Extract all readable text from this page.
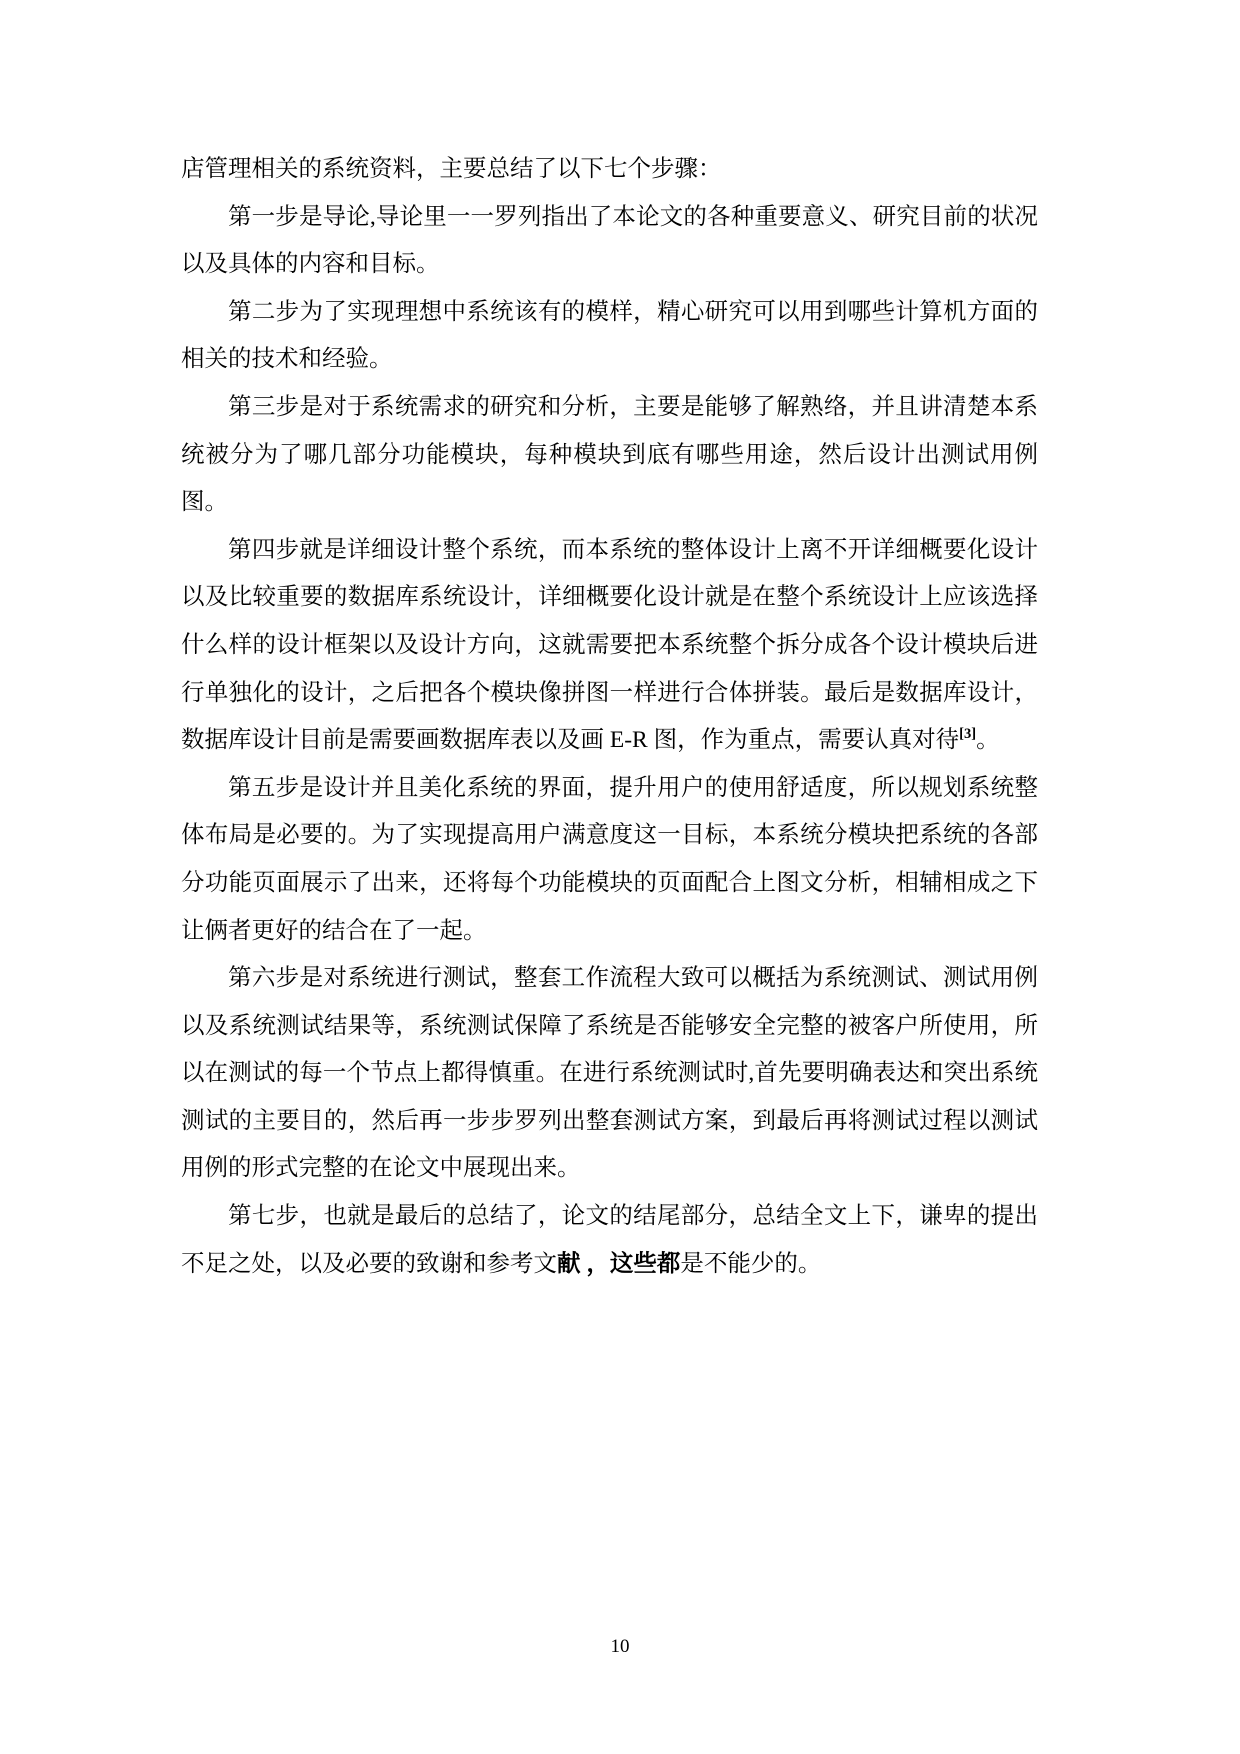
店管理相关的系统资料，主要总结了以下七个步骤：

第一步是导论,导论里一一罗列指出了本论文的各种重要意义、研究目前的状况以及具体的内容和目标。

第二步为了实现理想中系统该有的模样，精心研究可以用到哪些计算机方面的相关的技术和经验。

第三步是对于系统需求的研究和分析，主要是能够了解熟络，并且讲清楚本系统被分为了哪几部分功能模块，每种模块到底有哪些用途，然后设计出测试用例图。

第四步就是详细设计整个系统，而本系统的整体设计上离不开详细概要化设计以及比较重要的数据库系统设计，详细概要化设计就是在整个系统设计上应该选择什么样的设计框架以及设计方向，这就需要把本系统整个拆分成各个设计模块后进行单独化的设计，之后把各个模块像拼图一样进行合体拼装。最后是数据库设计，数据库设计目前是需要画数据库表以及画 E-R 图，作为重点，需要认真对待[3]。

第五步是设计并且美化系统的界面，提升用户的使用舒适度，所以规划系统整体布局是必要的。为了实现提高用户满意度这一目标，本系统分模块把系统的各部分功能页面展示了出来，还将每个功能模块的页面配合上图文分析，相辅相成之下让俩者更好的结合在了一起。

第六步是对系统进行测试，整套工作流程大致可以概括为系统测试、测试用例以及系统测试结果等，系统测试保障了系统是否能够安全完整的被客户所使用，所以在测试的每一个节点上都得慎重。在进行系统测试时,首先要明确表达和突出系统测试的主要目的，然后再一步步罗列出整套测试方案，到最后再将测试过程以测试用例的形式完整的在论文中展现出来。

第七步，也就是最后的总结了，论文的结尾部分，总结全文上下，谦卑的提出不足之处，以及必要的致谢和参考文献 ，这些都是不能少的。

10
